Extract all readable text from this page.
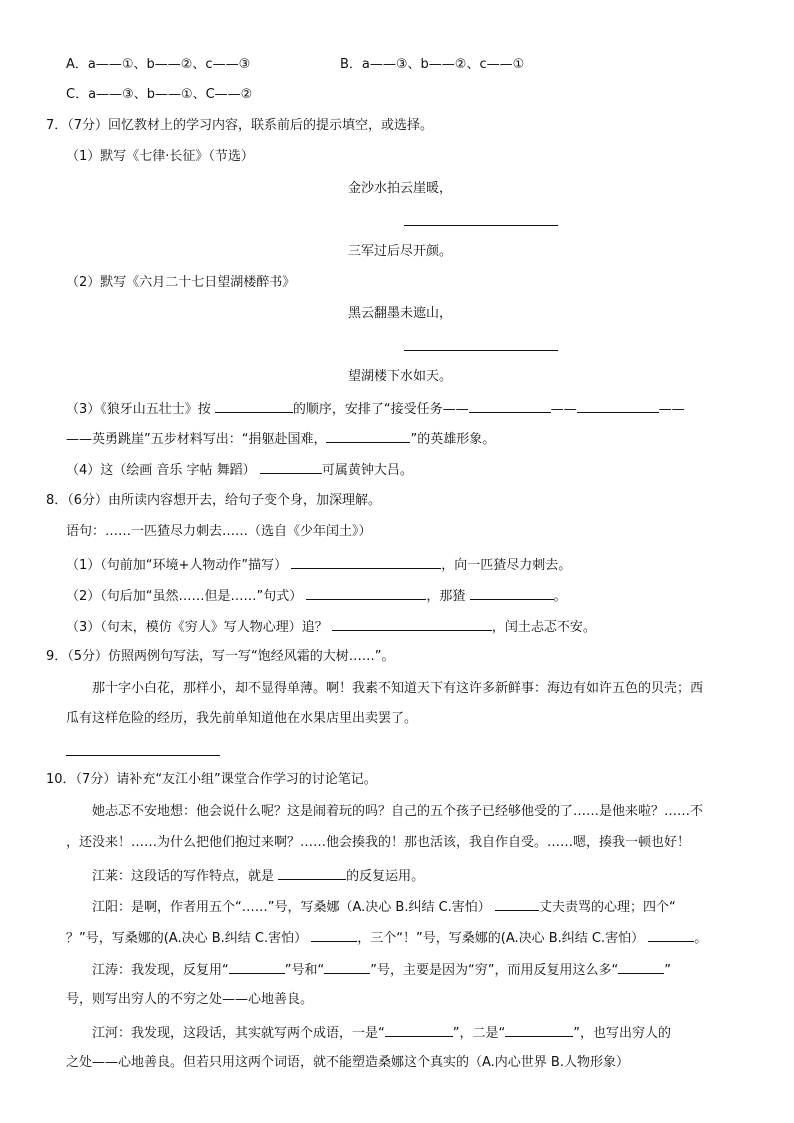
A．a——①、b——②、c——③	B．a——③、b——②、c——①
C．a——③、b——①、C——②
7．（7分）回忆教材上的学习内容，联系前后的提示填空，或选择。
（1）默写《七律·长征》（节选）
金沙水拍云崖暖，
三军过后尽开颜。
（2）默写《六月二十七日望湖楼醉书》
黑云翻墨未遮山，
望湖楼下水如天。
（3）《狼牙山五壮士》按	的顺序，安排了“接受任务——	——	——
——英勇跳崖”五步材料写出：“捐躯赴国难，	”的英雄形象。
（4）这（绘画 音乐 字帖 舞蹈）	可属黄钟大吕。
8．（6分）由所读内容想开去，给句子变个身，加深理解。
语句：……一匹猹尽力刺去……（选自《少年闰土》）
（1）（句前加“环境+人物动作”描写）	，向一匹猹尽力刺去。
（2）（句后加“虽然……但是……”句式）	，那猹	。
（3）（句末，模仿《穷人》写人物心理）追？	，闰土忐忑不安。
9．（5分）仿照两例句写法，写一写“饱经风霜的大树……”。
那十字小白花，那样小，却不显得单薄。啊！我素不知道天下有这许多新鲜事：海边有如许五色的贝壳；西
瓜有这样危险的经历，我先前单知道他在水果店里出卖罢了。
10．（7分）请补充“友江小组”课堂合作学习的讨论笔记。
她忐忑不安地想：他会说什么呢？这是闹着玩的吗？自己的五个孩子已经够他受的了……是他来啦？……不
，还没来！……为什么把他们抱过来啊？……他会揍我的！那也活该，我自作自受。……嗯，揍我一顿也好！
江莱：这段话的写作特点，就是	的反复运用。
江阳：是啊，作者用五个“……”号，写桑娜（A.决心 B.纠结 C.害怕）	丈夫责骂的心理；四个“
？”号，写桑娜的(A.决心 B.纠结 C.害怕）	，三个“！”号，写桑娜的(A.决心 B.纠结 C.害怕）	。
江涛：我发现，反复用“	”号和“	”号，主要是因为“穷”，而用反复用这么多“	”
号，则写出穷人的不穷之处——心地善良。
江河：我发现，这段话，其实就写两个成语，一是“	”，二是“	”，也写出穷人的
之处——心地善良。但若只用这两个词语，就不能塑造桑娜这个真实的（A.内心世界 B.人物形象）
